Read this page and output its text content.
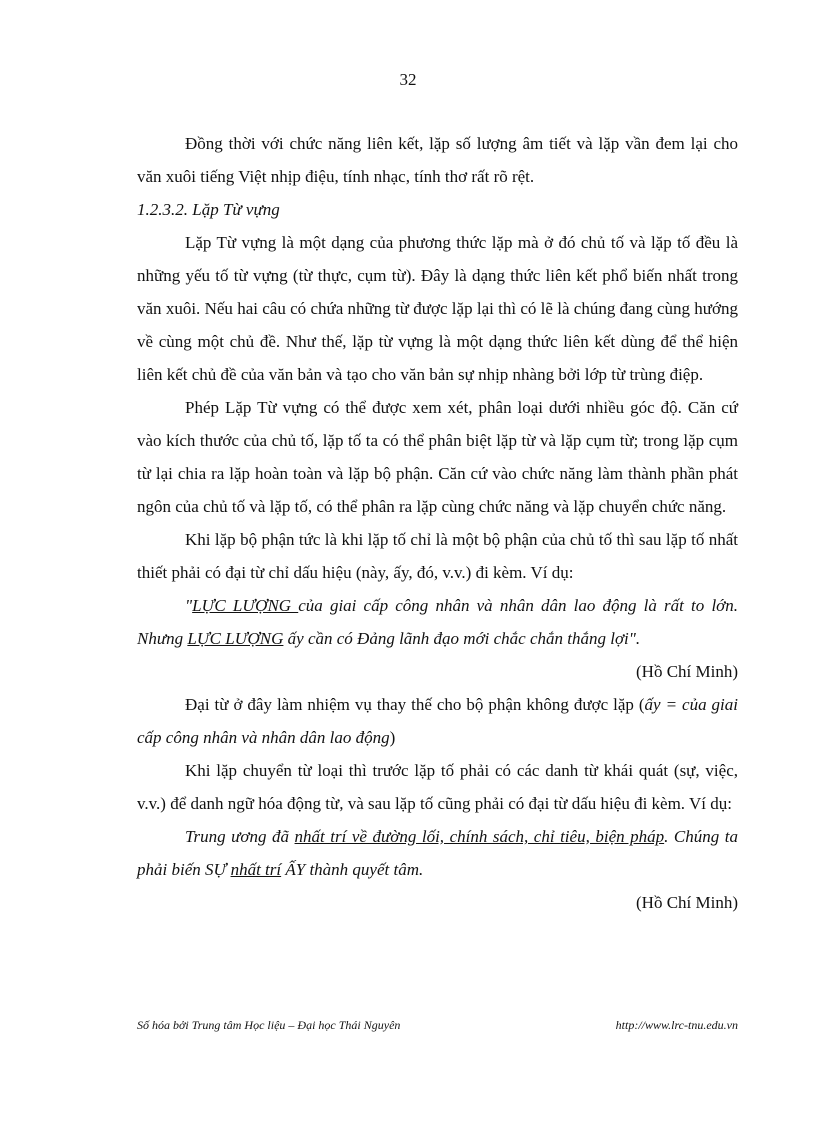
32

Đồng thời với chức năng liên kết, lặp số lượng âm tiết và lặp vần đem lại cho văn xuôi tiếng Việt nhịp điệu, tính nhạc, tính thơ rất rõ rệt.

1.2.3.2. Lặp Từ vựng

Lặp Từ vựng là một dạng của phương thức lặp mà ở đó chủ tố và lặp tố đều là những yếu tố từ vựng (từ thực, cụm từ). Đây là dạng thức liên kết phổ biến nhất trong văn xuôi. Nếu hai câu có chứa những từ được lặp lại thì có lẽ là chúng đang cùng hướng về cùng một chủ đề. Như thế, lặp từ vựng là một dạng thức liên kết dùng để thể hiện liên kết chủ đề của văn bản và tạo cho văn bản sự nhịp nhàng bởi lớp từ trùng điệp.

Phép Lặp Từ vựng có thể được xem xét, phân loại dưới nhiều góc độ. Căn cứ vào kích thước của chủ tố, lặp tố ta có thể phân biệt lặp từ và lặp cụm từ; trong lặp cụm từ lại chia ra lặp hoàn toàn và lặp bộ phận. Căn cứ vào chức năng làm thành phần phát ngôn của chủ tố và lặp tố, có thể phân ra lặp cùng chức năng và lặp chuyển chức năng.

Khi lặp bộ phận tức là khi lặp tố chỉ là một bộ phận của chủ tố thì sau lặp tố nhất thiết phải có đại từ chỉ dấu hiệu (này, ấy, đó, v.v.) đi kèm. Ví dụ:

"LỰC LƯỢNG của giai cấp công nhân và nhân dân lao động là rất to lớn. Nhưng LỰC LƯỢNG ấy cần có Đảng lãnh đạo mới chắc chắn thắng lợi".

(Hồ Chí Minh)

Đại từ ở đây làm nhiệm vụ thay thế cho bộ phận không được lặp (ấy = của giai cấp công nhân và nhân dân lao động)

Khi lặp chuyển từ loại thì trước lặp tố phải có các danh từ khái quát (sự, việc, v.v.) để danh ngữ hóa động từ, và sau lặp tố cũng phải có đại từ dấu hiệu đi kèm. Ví dụ:

Trung ương đã nhất trí về đường lối, chính sách, chỉ tiêu, biện pháp. Chúng ta phải biến SỰ nhất trí ẤY thành quyết tâm.

(Hồ Chí Minh)

Số hóa bởi Trung tâm Học liệu – Đại học Thái Nguyên	http://www.lrc-tnu.edu.vn
